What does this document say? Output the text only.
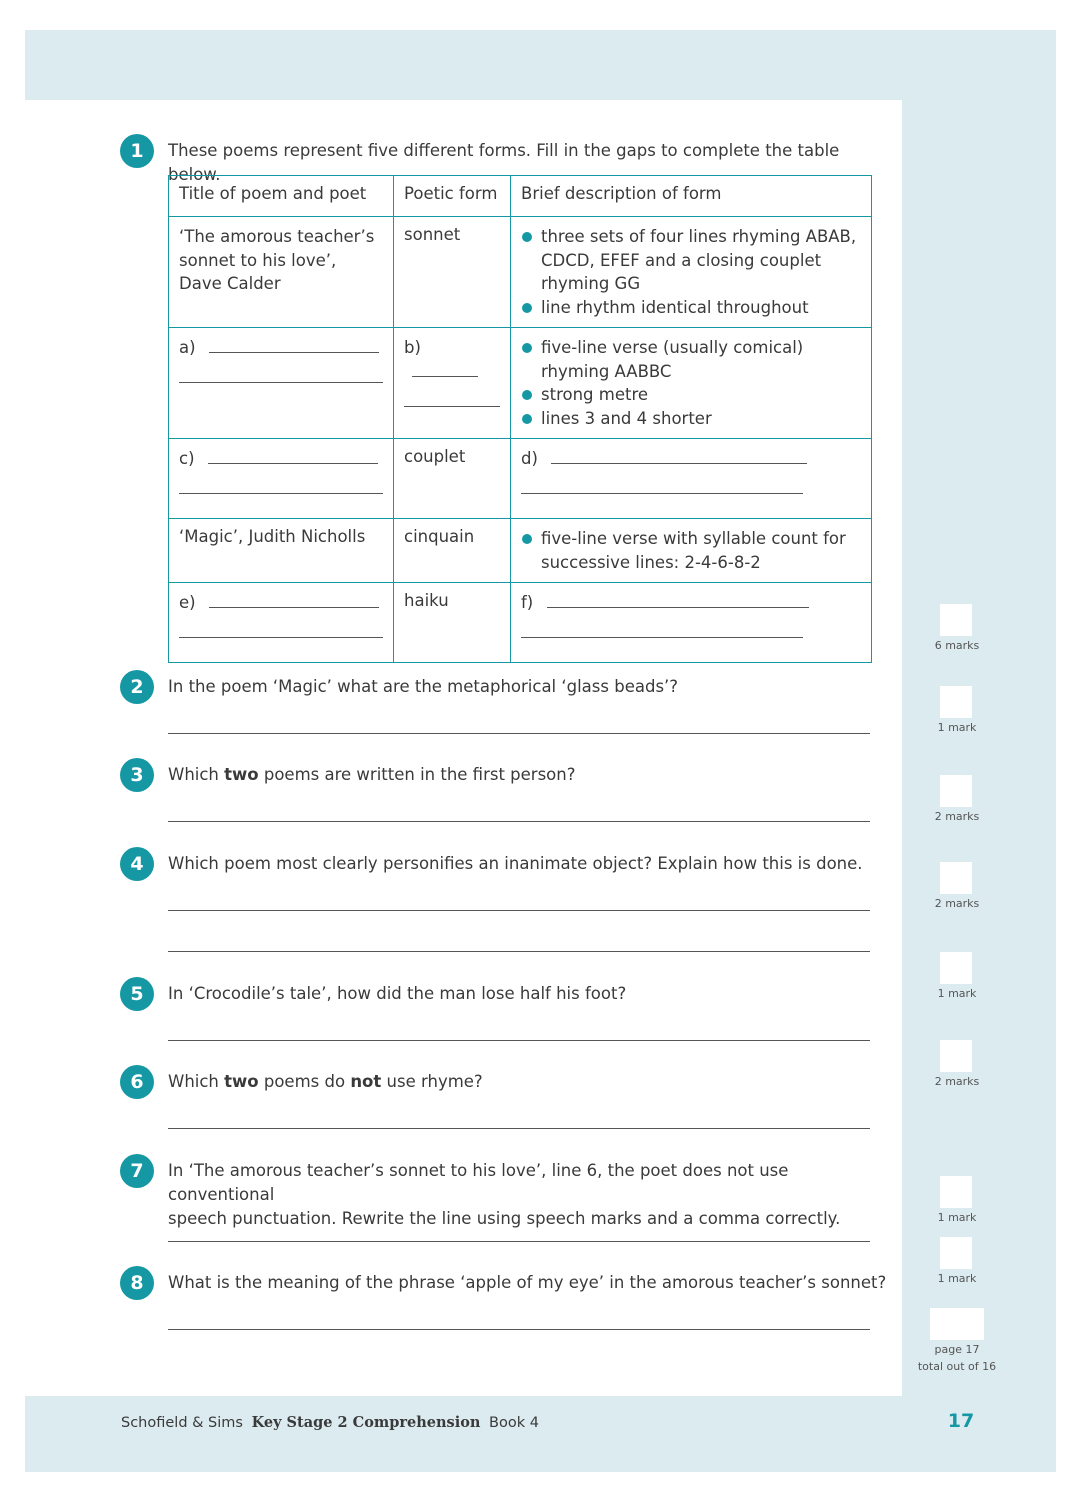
1	These poems represent five different forms. Fill in the gaps to complete the table below.
Title of poem and poet	Poetic form	Brief description of form
‘The amorous teacher’s sonnet to his love’, Dave Calder	sonnet	three sets of four lines rhyming ABAB, CDCD, EFEF and a closing couplet rhyming GG
line rhythm identical throughout

a)	b)	five-line verse (usually comical) rhyming AABBC
strong metre
lines 3 and 4 shorter

c)	couplet	d)

‘Magic’, Judith Nicholls	cinquain	five-line verse with syllable count for successive lines: 2-4-6-8-2

e)	haiku	f)
2	In the poem ‘Magic’ what are the metaphorical ‘glass beads’?
3	Which two poems are written in the first person?
4	Which poem most clearly personifies an inanimate object? Explain how this is done.
5	In ‘Crocodile’s tale’, how did the man lose half his foot?
6	Which two poems do not use rhyme?
7	In ‘The amorous teacher’s sonnet to his love’, line 6, the poet does not use conventional
speech punctuation. Rewrite the line using speech marks and a comma correctly.
8	What is the meaning of the phrase ‘apple of my eye’ in the amorous teacher’s sonnet?
6 marks
1 mark
2 marks
2 marks
1 mark
2 marks
1 mark
1 mark
page 17
total out of 16
Schofield & Sims Key Stage 2 Comprehension Book 4	17
